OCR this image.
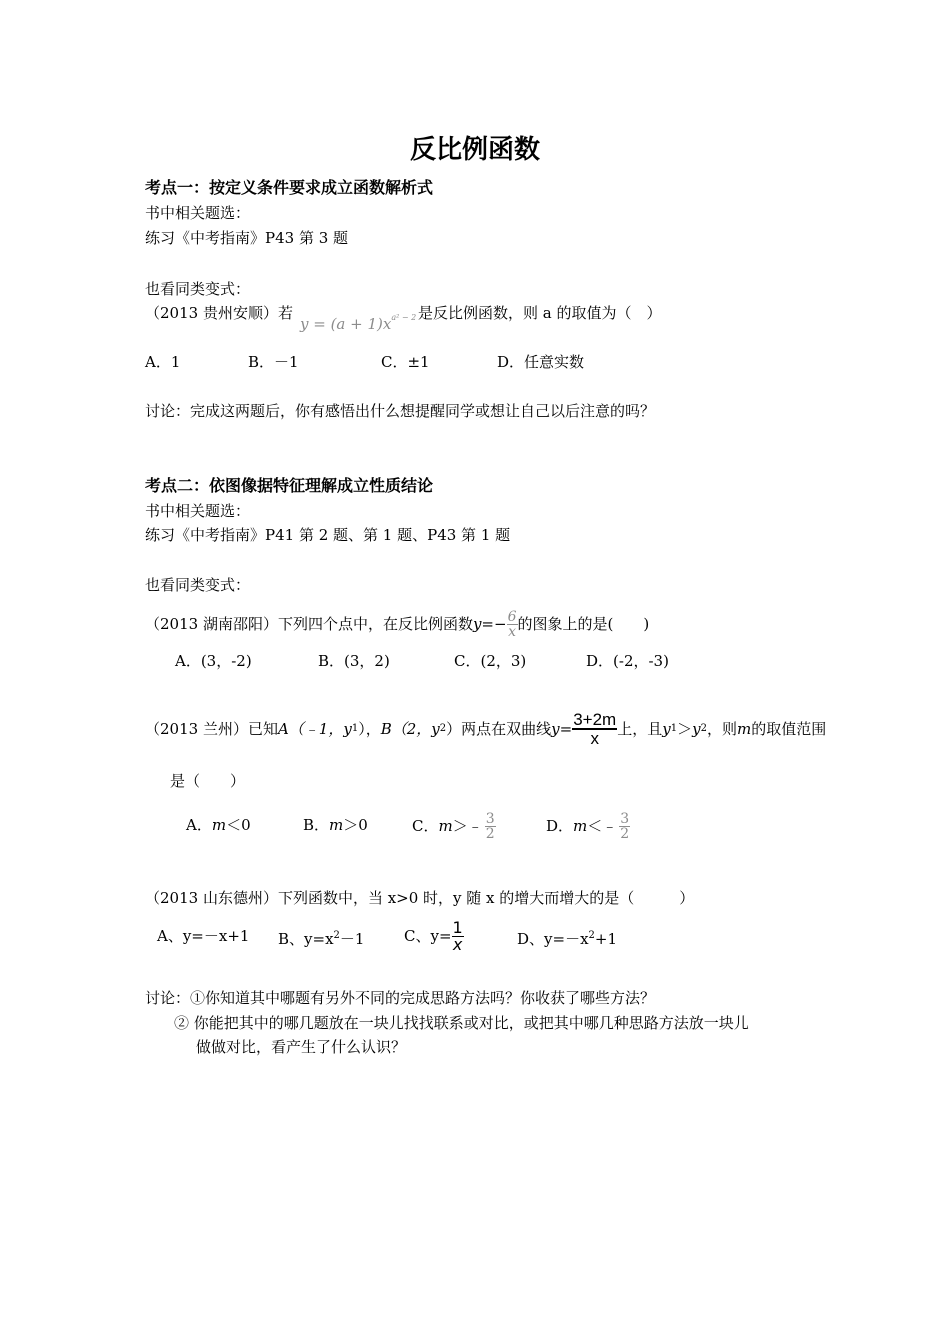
反比例函数
考点一：按定义条件要求成立函数解析式
书中相关题选：
练习《中考指南》P43 第 3 题
也看同类变式：
（2013 贵州安顺）若
$y = (a + 1)x^{a^2 - 2}$ 是反比例函数，则 a 的取值为（　）
A．1	B．－1	C．±1	D．任意实数
讨论：完成这两题后，你有感悟出什么想提醒同学或想让自己以后注意的吗？
考点二：依图像据特征理解成立性质结论
书中相关题选：
练习《中考指南》P41 第 2 题、第 1 题、P43 第 1 题
也看同类变式：
（2013 湖南邵阳）下列四个点中，在反比例函数 $y=- \frac{6}{x}$ 的图象上的是(　　)
A．(3，-2)	B．(3，2)	C．(2，3)	D．(-2，-3)
（2013 兰州）已知 A（﹣1，y 1 ）， B（2，y 2 ）两点在双曲线 $y= \frac{3+2m}{x}$ 上，且 y 1 ＞ y 2 ，则 m 的取值范围
是（　　）
A．m＜0	B．m＞0	C． m ＞﹣ $\frac{3}{2}$	D． m ＜﹣ $\frac{3}{2}$
（2013 山东德州）下列函数中，当 x>0 时，y 随 x 的增大而增大的是（　　　）
A、y=－x+1 B、$y=x^2-1$	C、$y= \frac{1}{x}$	D、$y=-x^2+1$
讨论：①你知道其中哪题有另外不同的完成思路方法吗？你收获了哪些方法？
② 你能把其中的哪几题放在一块儿找找联系或对比，或把其中哪几种思路方法放一块儿
做做对比，看产生了什么认识？
